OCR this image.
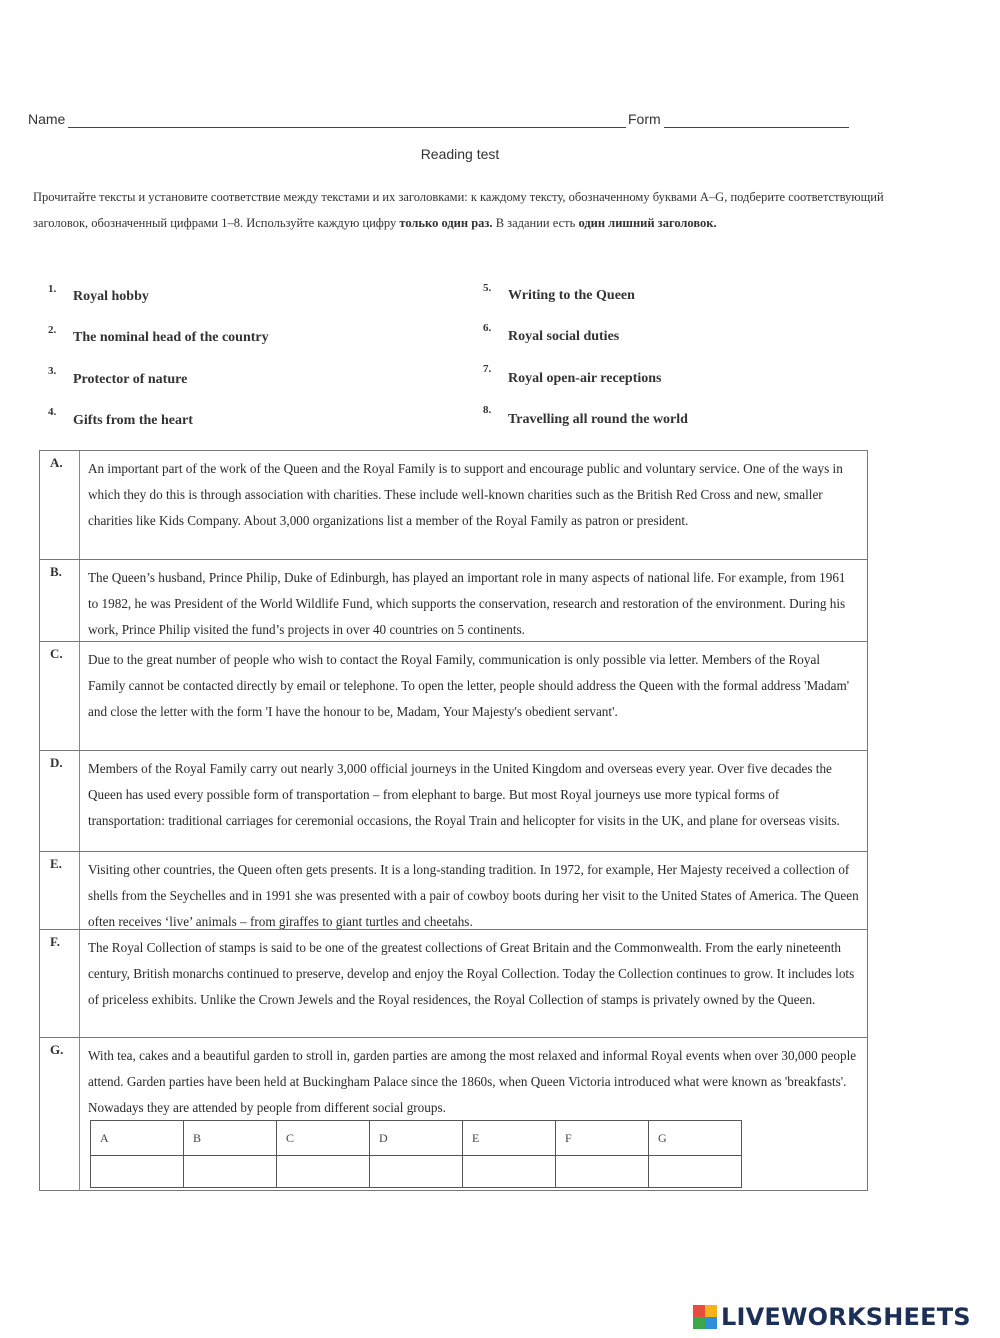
Name	Form
Reading test
Прочитайте тексты и установите соответствие между текстами и их заголовками: к каждому тексту, обозначенному буквами A–G, подберите соответствующий заголовок, обозначенный цифрами 1–8. Используйте каждую цифру только один раз. В задании есть один лишний заголовок.
1. Royal hobby
2. The nominal head of the country
3.
Protector of nature
4.
Gifts from the heart
5. Writing to the Queen
6.
Royal social duties
7.
Royal open-air receptions
8.
Travelling all round the world
A. An important part of the work of the Queen and the Royal Family is to support and encourage public and voluntary service. One of the ways in which they do this is through association with charities. These include well-known charities such as the British Red Cross and new, smaller charities like Kids Company. About 3,000 organizations list a member of the Royal Family as patron or president.
B. The Queen’s husband, Prince Philip, Duke of Edinburgh, has played an important role in many aspects of national life. For example, from 1961 to 1982, he was President of the World Wildlife Fund, which supports the conservation, research and restoration of the environment. During his work, Prince Philip visited the fund’s projects in over 40 countries on 5 continents.
C. Due to the great number of people who wish to contact the Royal Family, communication is only possible via letter. Members of the Royal Family cannot be contacted directly by email or telephone. To open the letter, people should address the Queen with the formal address 'Madam' and close the letter with the form 'I have the honour to be, Madam, Your Majesty's obedient servant'.
D. Members of the Royal Family carry out nearly 3,000 official journeys in the United Kingdom and overseas every year. Over five decades the Queen has used every possible form of transportation – from elephant to barge. But most Royal journeys use more typical forms of transportation: traditional carriages for ceremonial occasions, the Royal Train and helicopter for visits in the UK, and plane for overseas visits.
E. Visiting other countries, the Queen often gets presents. It is a long-standing tradition. In 1972, for example, Her Majesty received a collection of shells from the Seychelles and in 1991 she was presented with a pair of cowboy boots during her visit to the United States of America. The Queen often receives ‘live’ animals – from giraffes to giant turtles and cheetahs.
F. The Royal Collection of stamps is said to be one of the greatest collections of Great Britain and the Commonwealth. From the early nineteenth century, British monarchs continued to preserve, develop and enjoy the Royal Collection. Today the Collection continues to grow. It includes lots of priceless exhibits. Unlike the Crown Jewels and the Royal residences, the Royal Collection of stamps is privately owned by the Queen.
G. With tea, cakes and a beautiful garden to stroll in, garden parties are among the most relaxed and informal Royal events when over 30,000 people attend. Garden parties have been held at Buckingham Palace since the 1860s, when Queen Victoria introduced what were known as 'breakfasts'. Nowadays they are attended by people from different social groups.
A	B	C	D	E	F	G

LIVEWORKSHEETS
